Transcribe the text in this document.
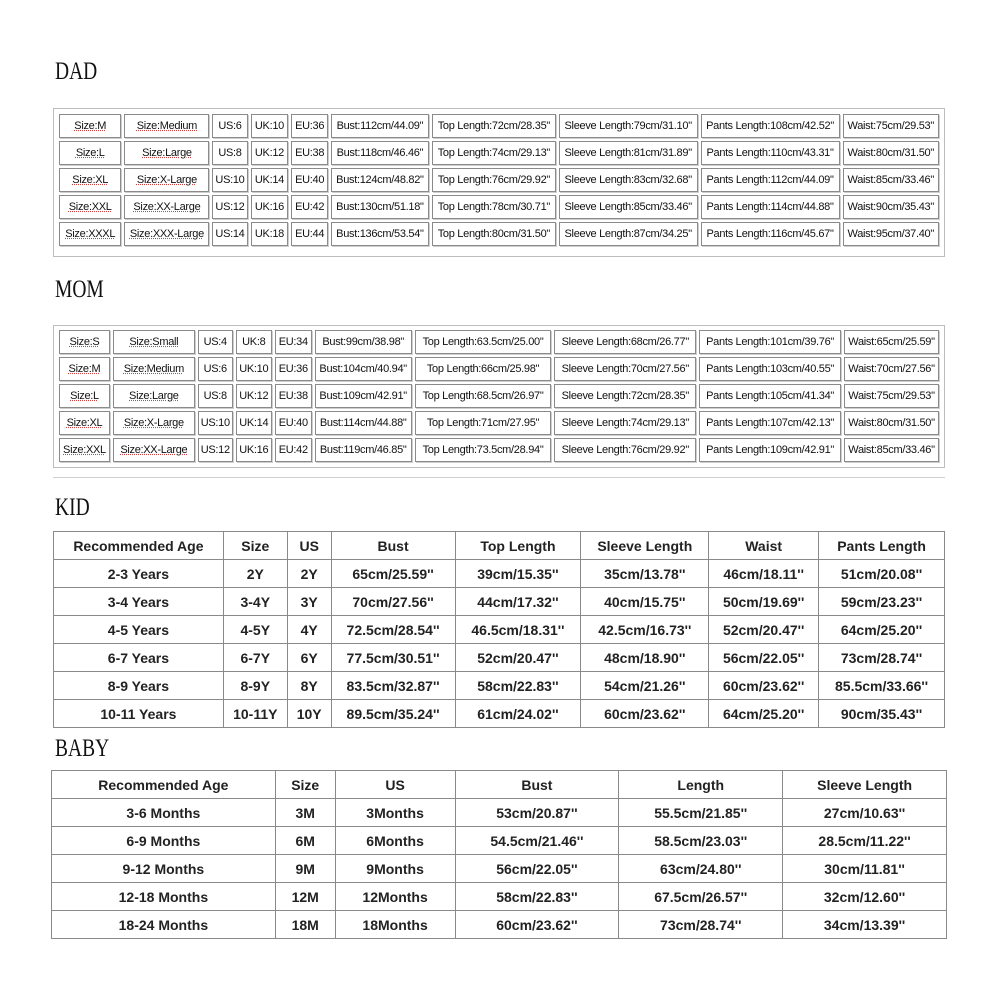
DAD
Size:M	Size:Medium	US:6	UK:10	EU:36	Bust:112cm/44.09"	Top Length:72cm/28.35"	Sleeve Length:79cm/31.10"	Pants Length:108cm/42.52"	Waist:75cm/29.53"
Size:L	Size:Large	US:8	UK:12	EU:38	Bust:118cm/46.46"	Top Length:74cm/29.13"	Sleeve Length:81cm/31.89"	Pants Length:110cm/43.31"	Waist:80cm/31.50"
Size:XL	Size:X-Large	US:10	UK:14	EU:40	Bust:124cm/48.82"	Top Length:76cm/29.92"	Sleeve Length:83cm/32.68"	Pants Length:112cm/44.09"	Waist:85cm/33.46"
Size:XXL	Size:XX-Large	US:12	UK:16	EU:42	Bust:130cm/51.18"	Top Length:78cm/30.71"	Sleeve Length:85cm/33.46"	Pants Length:114cm/44.88"	Waist:90cm/35.43"
Size:XXXL	Size:XXX-Large	US:14	UK:18	EU:44	Bust:136cm/53.54"	Top Length:80cm/31.50"	Sleeve Length:87cm/34.25"	Pants Length:116cm/45.67"	Waist:95cm/37.40"
MOM
Size:S	Size:Small	US:4	UK:8	EU:34	Bust:99cm/38.98"	Top Length:63.5cm/25.00"	Sleeve Length:68cm/26.77"	Pants Length:101cm/39.76"	Waist:65cm/25.59"
Size:M	Size:Medium	US:6	UK:10	EU:36	Bust:104cm/40.94"	Top Length:66cm/25.98"	Sleeve Length:70cm/27.56"	Pants Length:103cm/40.55"	Waist:70cm/27.56"
Size:L	Size:Large	US:8	UK:12	EU:38	Bust:109cm/42.91"	Top Length:68.5cm/26.97"	Sleeve Length:72cm/28.35"	Pants Length:105cm/41.34"	Waist:75cm/29.53"
Size:XL	Size:X-Large	US:10	UK:14	EU:40	Bust:114cm/44.88"	Top Length:71cm/27.95"	Sleeve Length:74cm/29.13"	Pants Length:107cm/42.13"	Waist:80cm/31.50"
Size:XXL	Size:XX-Large	US:12	UK:16	EU:42	Bust:119cm/46.85"	Top Length:73.5cm/28.94"	Sleeve Length:76cm/29.92"	Pants Length:109cm/42.91"	Waist:85cm/33.46"
KID
Recommended Age	Size	US	Bust	Top Length	Sleeve Length	Waist	Pants Length
2-3 Years	2Y	2Y	65cm/25.59''	39cm/15.35''	35cm/13.78''	46cm/18.11''	51cm/20.08''
3-4 Years	3-4Y	3Y	70cm/27.56''	44cm/17.32''	40cm/15.75''	50cm/19.69''	59cm/23.23''
4-5 Years	4-5Y	4Y	72.5cm/28.54''	46.5cm/18.31''	42.5cm/16.73''	52cm/20.47''	64cm/25.20''
6-7 Years	6-7Y	6Y	77.5cm/30.51''	52cm/20.47''	48cm/18.90''	56cm/22.05''	73cm/28.74''
8-9 Years	8-9Y	8Y	83.5cm/32.87''	58cm/22.83''	54cm/21.26''	60cm/23.62''	85.5cm/33.66''
10-11 Years	10-11Y	10Y	89.5cm/35.24''	61cm/24.02''	60cm/23.62''	64cm/25.20''	90cm/35.43''
BABY
Recommended Age	Size	US	Bust	Length	Sleeve Length
3-6 Months	3M	3Months	53cm/20.87''	55.5cm/21.85''	27cm/10.63''
6-9 Months	6M	6Months	54.5cm/21.46''	58.5cm/23.03''	28.5cm/11.22''
9-12 Months	9M	9Months	56cm/22.05''	63cm/24.80''	30cm/11.81''
12-18 Months	12M	12Months	58cm/22.83''	67.5cm/26.57''	32cm/12.60''
18-24 Months	18M	18Months	60cm/23.62''	73cm/28.74''	34cm/13.39''
